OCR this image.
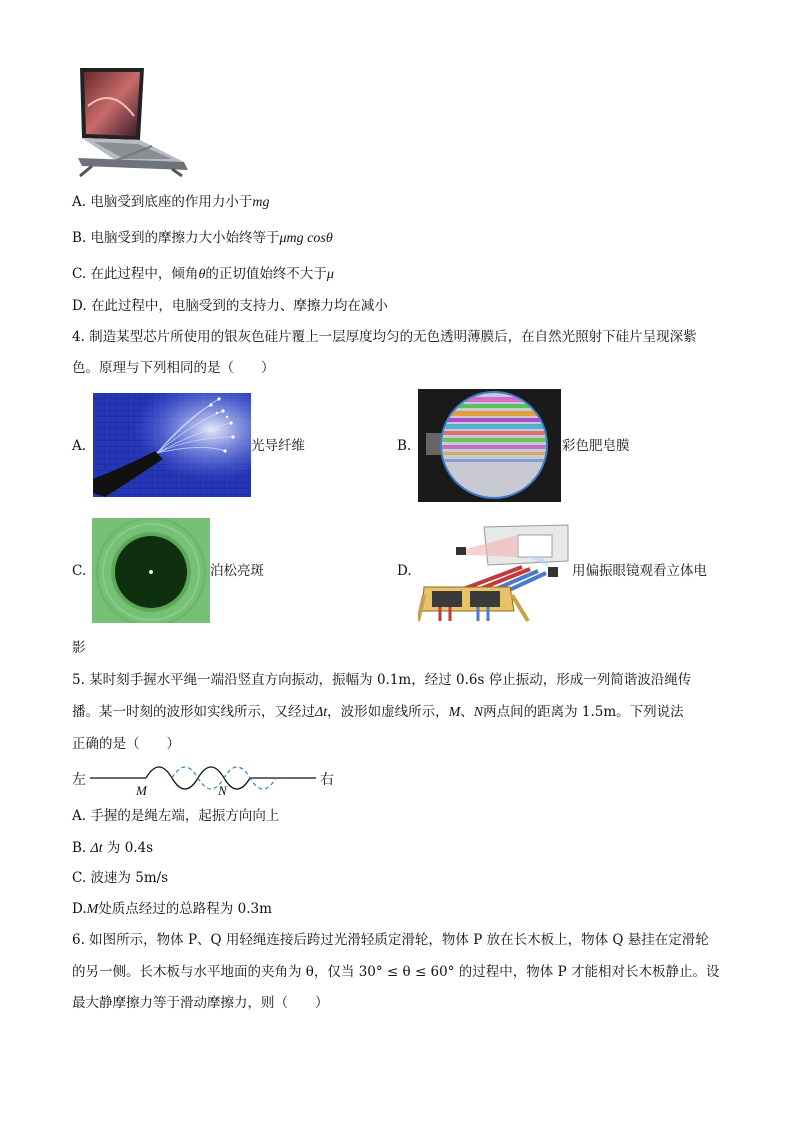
A. 电脑受到底座的作用力小于mg
B. 电脑受到的摩擦力大小始终等于μmg cosθ
C. 在此过程中，倾角θ的正切值始终不大于μ
D. 在此过程中，电脑受到的支持力、摩擦力均在减小
4. 制造某型芯片所使用的银灰色硅片覆上一层厚度均匀的无色透明薄膜后，在自然光照射下硅片呈现深紫
色。原理与下列相同的是（　　）
A.	光导纤维	B.	彩色肥皂膜
C.	泊松亮斑	D.	用偏振眼镜观看立体电
影
5. 某时刻手握水平绳一端沿竖直方向振动，振幅为 0.1m，经过 0.6s 停止振动，形成一列简谐波沿绳传
播。某一时刻的波形如实线所示，又经过Δt，波形如虚线所示，M、N两点间的距离为 1.5m。下列说法
正确的是（　　）
左	右
M	N
A. 手握的是绳左端，起振方向向上
B. Δt 为 0.4s
C. 波速为 5m/s
D.M处质点经过的总路程为 0.3m
6. 如图所示，物体 P、Q 用轻绳连接后跨过光滑轻质定滑轮，物体 P 放在长木板上，物体 Q 悬挂在定滑轮
的另一侧。长木板与水平地面的夹角为 θ，仅当 30° ≤ θ ≤ 60° 的过程中，物体 P 才能相对长木板静止。设
最大静摩擦力等于滑动摩擦力，则（　　）
